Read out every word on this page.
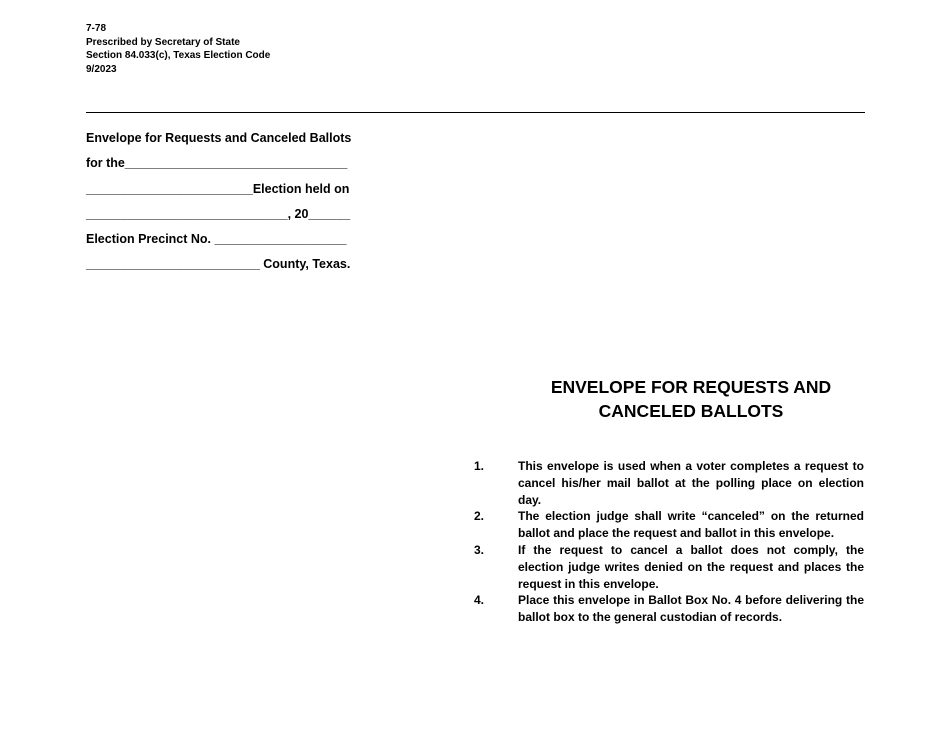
7-78
Prescribed by Secretary of State
Section 84.033(c), Texas Election Code
9/2023
Envelope for Requests and Canceled Ballots
for the________________________________
________________________Election held on
_____________________________, 20______
Election Precinct No. ___________________
_________________________ County, Texas.
ENVELOPE FOR REQUESTS AND
CANCELED BALLOTS
1.	This envelope is used when a voter completes a request to cancel his/her mail ballot at the polling place on election day.
2.	The election judge shall write “canceled” on the returned ballot and place the request and ballot in this envelope.
3.	If the request to cancel a ballot does not comply, the election judge writes denied on the request and places the request in this envelope.
4.	Place this envelope in Ballot Box No. 4 before delivering the ballot box to the general custodian of records.
